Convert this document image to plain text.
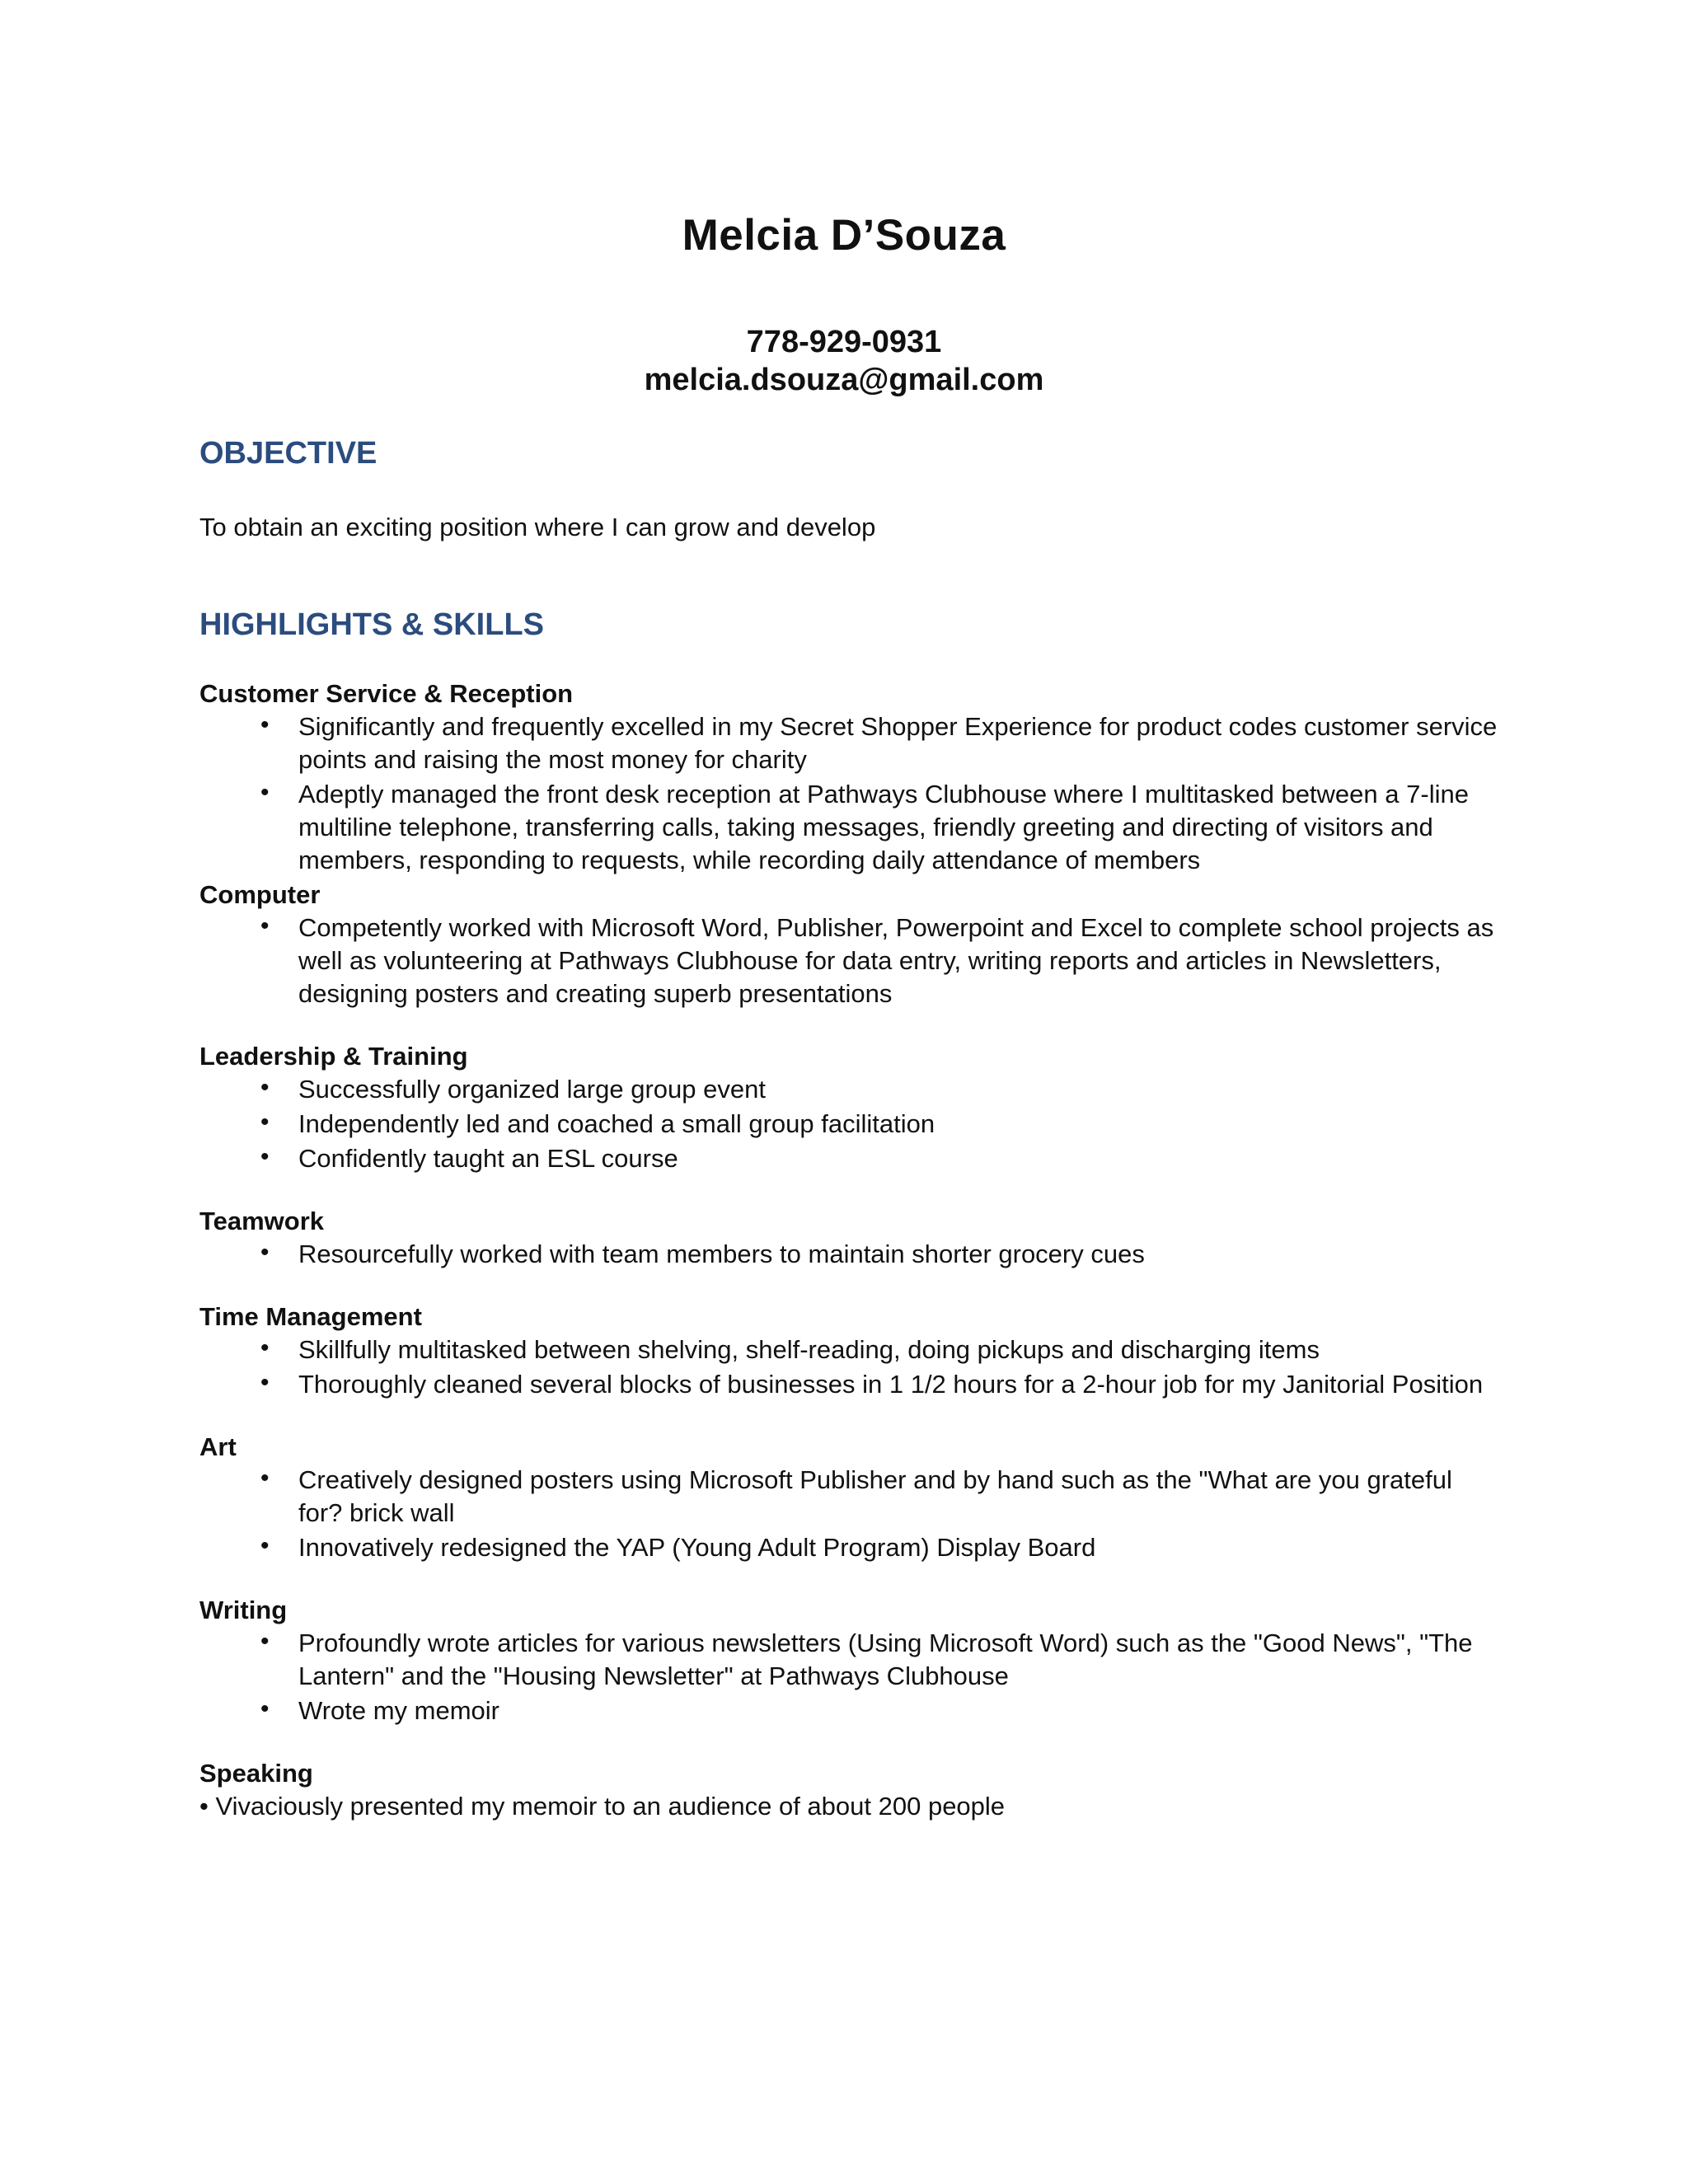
Melcia D’Souza
778-929-0931
melcia.dsouza@gmail.com
OBJECTIVE

To obtain an exciting position where I can grow and develop

HIGHLIGHTS & SKILLS

Customer Service & Reception

• Significantly and frequently excelled in my Secret Shopper Experience for product codes customer service points and raising the most money for charity
• Adeptly managed the front desk reception at Pathways Clubhouse where I multitasked between a 7-line multiline telephone, transferring calls, taking messages, friendly greeting and directing of visitors and members, responding to requests, while recording daily attendance of members

Computer

• Competently worked with Microsoft Word, Publisher, Powerpoint and Excel to complete school projects as well as volunteering at Pathways Clubhouse for data entry, writing reports and articles in Newsletters, designing posters and creating superb presentations

Leadership & Training

• Successfully organized large group event
• Independently led and coached a small group facilitation
• Confidently taught an ESL course

Teamwork

• Resourcefully worked with team members to maintain shorter grocery cues

Time Management

• Skillfully multitasked between shelving, shelf-reading, doing pickups and discharging items
• Thoroughly cleaned several blocks of businesses in 1 1/2 hours for a 2-hour job for my Janitorial Position

Art

• Creatively designed posters using Microsoft Publisher and by hand such as the "What are you grateful for? brick wall
• Innovatively redesigned the YAP (Young Adult Program) Display Board

Writing

• Profoundly wrote articles for various newsletters (Using Microsoft Word) such as the "Good News", "The Lantern" and the "Housing Newsletter" at Pathways Clubhouse
• Wrote my memoir

Speaking

• Vivaciously presented my memoir to an audience of about 200 people
